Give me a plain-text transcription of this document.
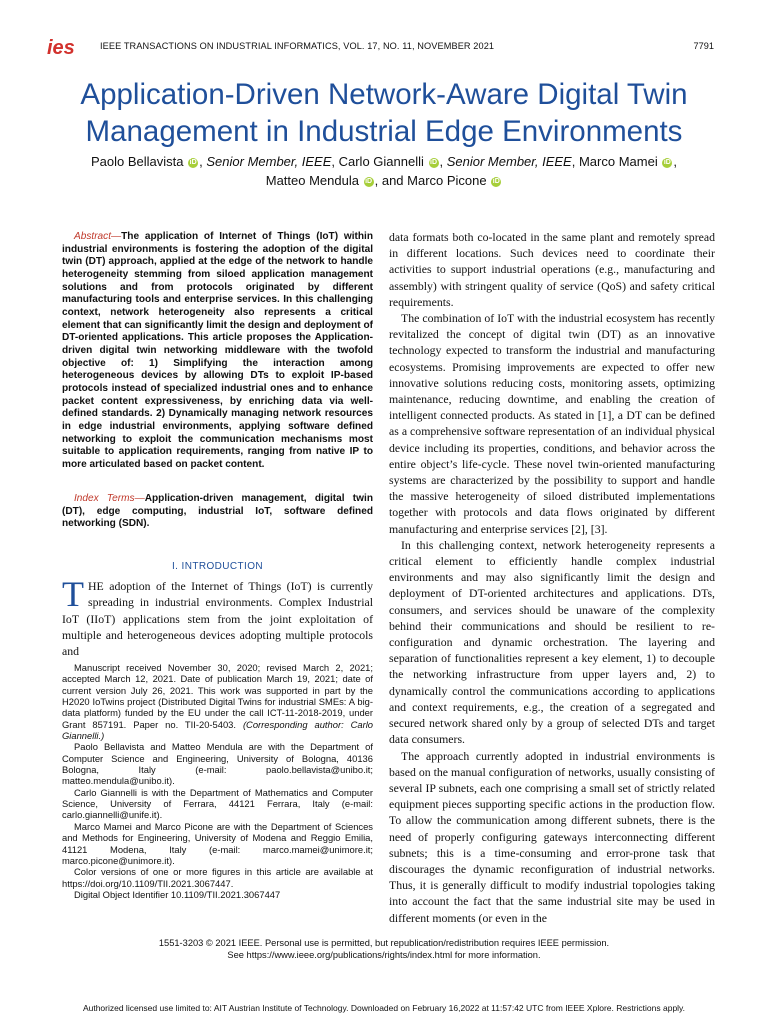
ies	IEEE TRANSACTIONS ON INDUSTRIAL INFORMATICS, VOL. 17, NO. 11, NOVEMBER 2021	7791
Application-Driven Network-Aware Digital Twin
Management in Industrial Edge Environments
Paolo Bellavista iD , Senior Member, IEEE, Carlo Giannelli iD , Senior Member, IEEE, Marco Mamei iD ,
Matteo Mendula iD , and Marco Picone iD

Abstract—The application of Internet of Things (IoT) within industrial environments is fostering the adoption of the digital twin (DT) approach, applied at the edge of the network to handle heterogeneity stemming from siloed application management solutions and from protocols originated by different manufacturing tools and enterprise services. In this challenging context, network heterogeneity also represents a critical element that can significantly limit the design and deployment of DT-oriented applications. This article proposes the Application-driven digital twin networking middleware with the twofold objective of: 1) Simplifying the interaction among heterogeneous devices by allowing DTs to exploit IP-based protocols instead of specialized industrial ones and to enhance packet content expressiveness, by enriching data via well-defined standards. 2) Dynamically managing network resources in edge industrial environments, applying software defined networking to exploit the communication mechanisms most suitable to application requirements, ranging from native IP to more articulated based on packet content.

Index Terms—Application-driven management, digital twin (DT), edge computing, industrial IoT, software defined networking (SDN).
I. INTRODUCTION
THE adoption of the Internet of Things (IoT) is currently spreading in industrial environments. Complex Industrial IoT (IIoT) applications stem from the joint exploitation of multiple and heterogeneous devices adopting multiple protocols and

Manuscript received November 30, 2020; revised March 2, 2021; accepted March 12, 2021. Date of publication March 19, 2021; date of current version July 26, 2021. This work was supported in part by the H2020 IoTwins project (Distributed Digital Twins for industrial SMEs: A big-data platform) funded by the EU under the call ICT-11-2018-2019, under Grant 857191. Paper no. TII-20-5403. (Corresponding author: Carlo Giannelli.)

Paolo Bellavista and Matteo Mendula are with the Department of Computer Science and Engineering, University of Bologna, 40136 Bologna, Italy (e-mail: paolo.bellavista@unibo.it; matteo.mendula@unibo.it).

Carlo Giannelli is with the Department of Mathematics and Computer Science, University of Ferrara, 44121 Ferrara, Italy (e-mail: carlo.giannelli@unife.it).

Marco Mamei and Marco Picone are with the Department of Sciences and Methods for Engineering, University of Modena and Reggio Emilia, 41121 Modena, Italy (e-mail: marco.mamei@unimore.it; marco.picone@unimore.it).

Color versions of one or more figures in this article are available at https://doi.org/10.1109/TII.2021.3067447.

Digital Object Identifier 10.1109/TII.2021.3067447

data formats both co-located in the same plant and remotely spread in different locations. Such devices need to coordinate their activities to support industrial operations (e.g., manufacturing and assembly) with stringent quality of service (QoS) and safety critical requirements.

The combination of IoT with the industrial ecosystem has recently revitalized the concept of digital twin (DT) as an innovative technology expected to transform the industrial and manufacturing ecosystems. Promising improvements are expected to offer new innovative solutions reducing costs, monitoring assets, optimizing maintenance, reducing downtime, and enabling the creation of intelligent connected products. As stated in [1], a DT can be defined as a comprehensive software representation of an individual physical device including its properties, conditions, and behavior across the entire object’s life-cycle. These novel twin-oriented manufacturing systems are characterized by the possibility to support and handle the massive heterogeneity of siloed distributed implementations together with protocols and data flows originated by different manufacturing and enterprise services [2], [3].

In this challenging context, network heterogeneity represents a critical element to efficiently handle complex industrial environments and may also significantly limit the design and deployment of DT-oriented architectures and applications. DTs, consumers, and services should be unaware of the complexity behind their communications and should be resilient to re-configuration and dynamic orchestration. The layering and separation of functionalities represent a key element, 1) to decouple the networking infrastructure from upper layers and, 2) to dynamically control the communications according to applications and context requirements, e.g., the creation of a segregated and secured network shared only by a group of selected DTs and target data consumers.

The approach currently adopted in industrial environments is based on the manual configuration of networks, usually consisting of several IP subnets, each one comprising a small set of strictly related equipment pieces supporting specific actions in the production flow. To allow the communication among different subnets, there is the need of properly configuring gateways interconnecting different subnets; this is a time-consuming and error-prone task that discourages the dynamic reconfiguration of industrial networks. Thus, it is generally difficult to modify industrial topologies taking into account the fact that the same industrial site may be used in different moments (or even in the

1551-3203 © 2021 IEEE. Personal use is permitted, but republication/redistribution requires IEEE permission.
See https://www.ieee.org/publications/rights/index.html for more information.
Authorized licensed use limited to: AIT Austrian Institute of Technology. Downloaded on February 16,2022 at 11:57:42 UTC from IEEE Xplore. Restrictions apply.
